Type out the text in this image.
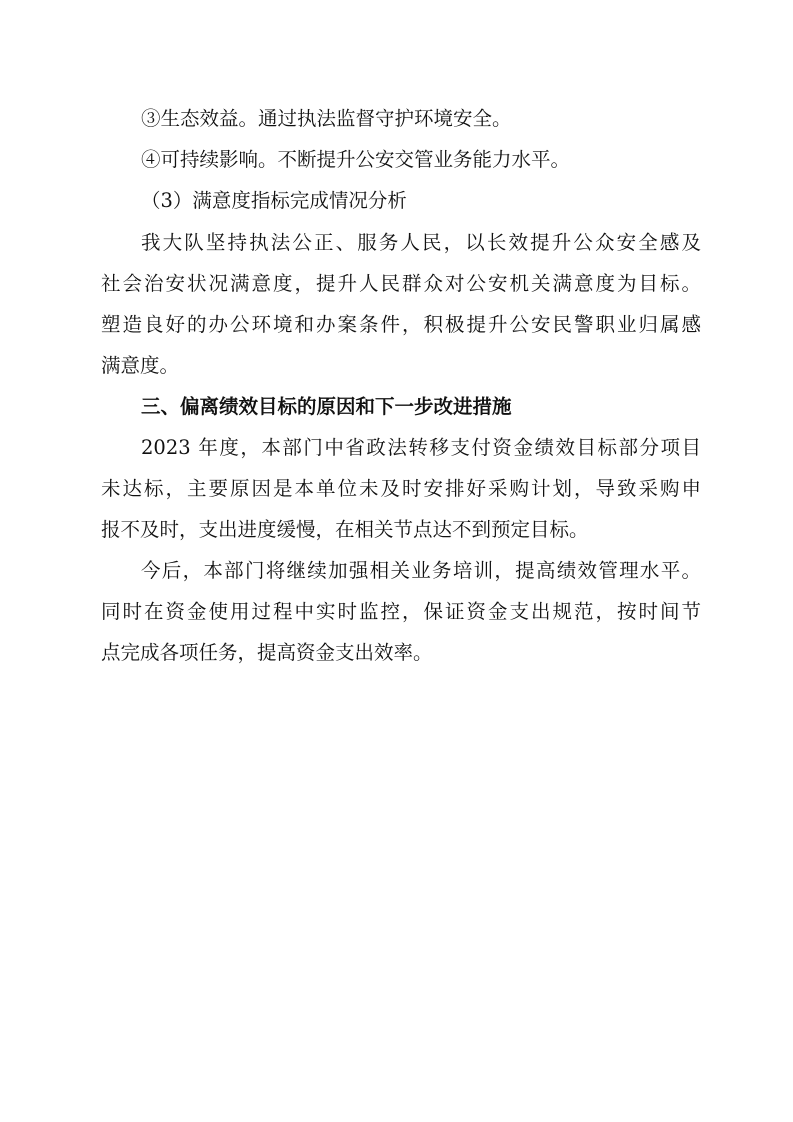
③生态效益。通过执法监督守护环境安全。
④可持续影响。不断提升公安交管业务能力水平。
（3）满意度指标完成情况分析
我大队坚持执法公正、服务人民，以长效提升公众安全感及
社会治安状况满意度，提升人民群众对公安机关满意度为目标。
塑造良好的办公环境和办案条件，积极提升公安民警职业归属感
满意度。
三、偏离绩效目标的原因和下一步改进措施
2023 年度，本部门中省政法转移支付资金绩效目标部分项目
未达标，主要原因是本单位未及时安排好采购计划，导致采购申
报不及时，支出进度缓慢，在相关节点达不到预定目标。
今后，本部门将继续加强相关业务培训，提高绩效管理水平。
同时在资金使用过程中实时监控，保证资金支出规范，按时间节
点完成各项任务，提高资金支出效率。
